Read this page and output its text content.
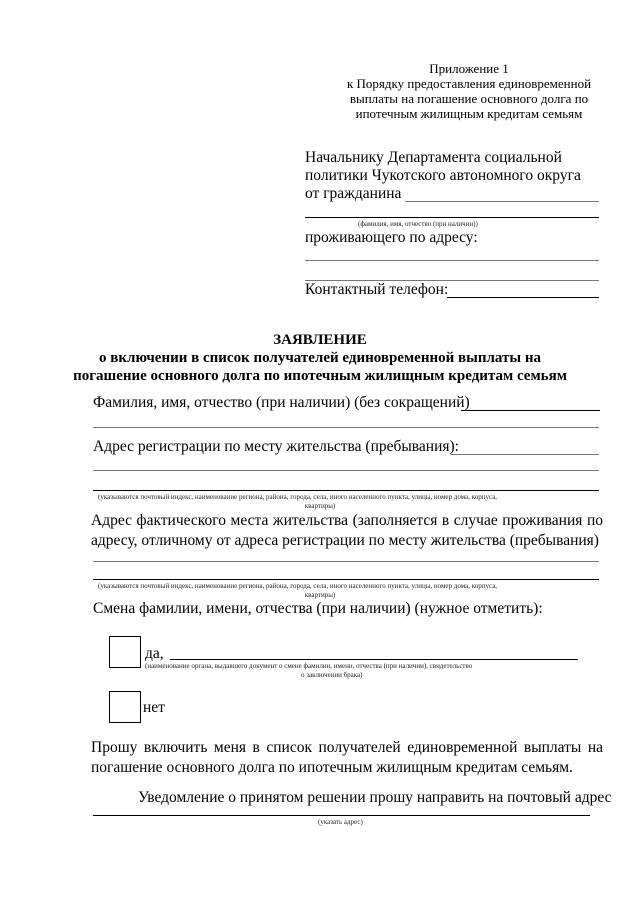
Приложение 1
к Порядку предоставления единовременной
выплаты на погашение основного долга по
ипотечным жилищным кредитам семьям
Начальнику Департамента социальной
политики Чукотского автономного округа
от гражданина
(фамилия, имя, отчество (при наличии))
проживающего по адресу:
Контактный телефон:
ЗАЯВЛЕНИЕ
о включении в список получателей единовременной выплаты на
погашение основного долга по ипотечным жилищным кредитам семьям
Фамилия, имя, отчество (при наличии) (без сокращений)
Адрес регистрации по месту жительства (пребывания):
(указываются почтовый индекс, наименование региона, района, города, села, иного населенного пункта, улицы, номер дома, корпуса,
квартиры)
Адрес фактического места жительства (заполняется в случае проживания по адресу, отличному от адреса регистрации по месту жительства (пребывания)
(указываются почтовый индекс, наименование региона, района, города, села, иного населенного пункта, улицы, номер дома, корпуса,
квартиры)
Смена фамилии, имени, отчества (при наличии) (нужное отметить):
да,
(наименование органа, выдавшего документ о смене фамилии, имени, отчества (при наличии), свидетельство
о заключении брака)
нет
Прошу включить меня в список получателей единовременной выплаты на погашение основного долга по ипотечным жилищным кредитам семьям.
Уведомление о принятом решении прошу направить на почтовый адрес
(указать адрес)
